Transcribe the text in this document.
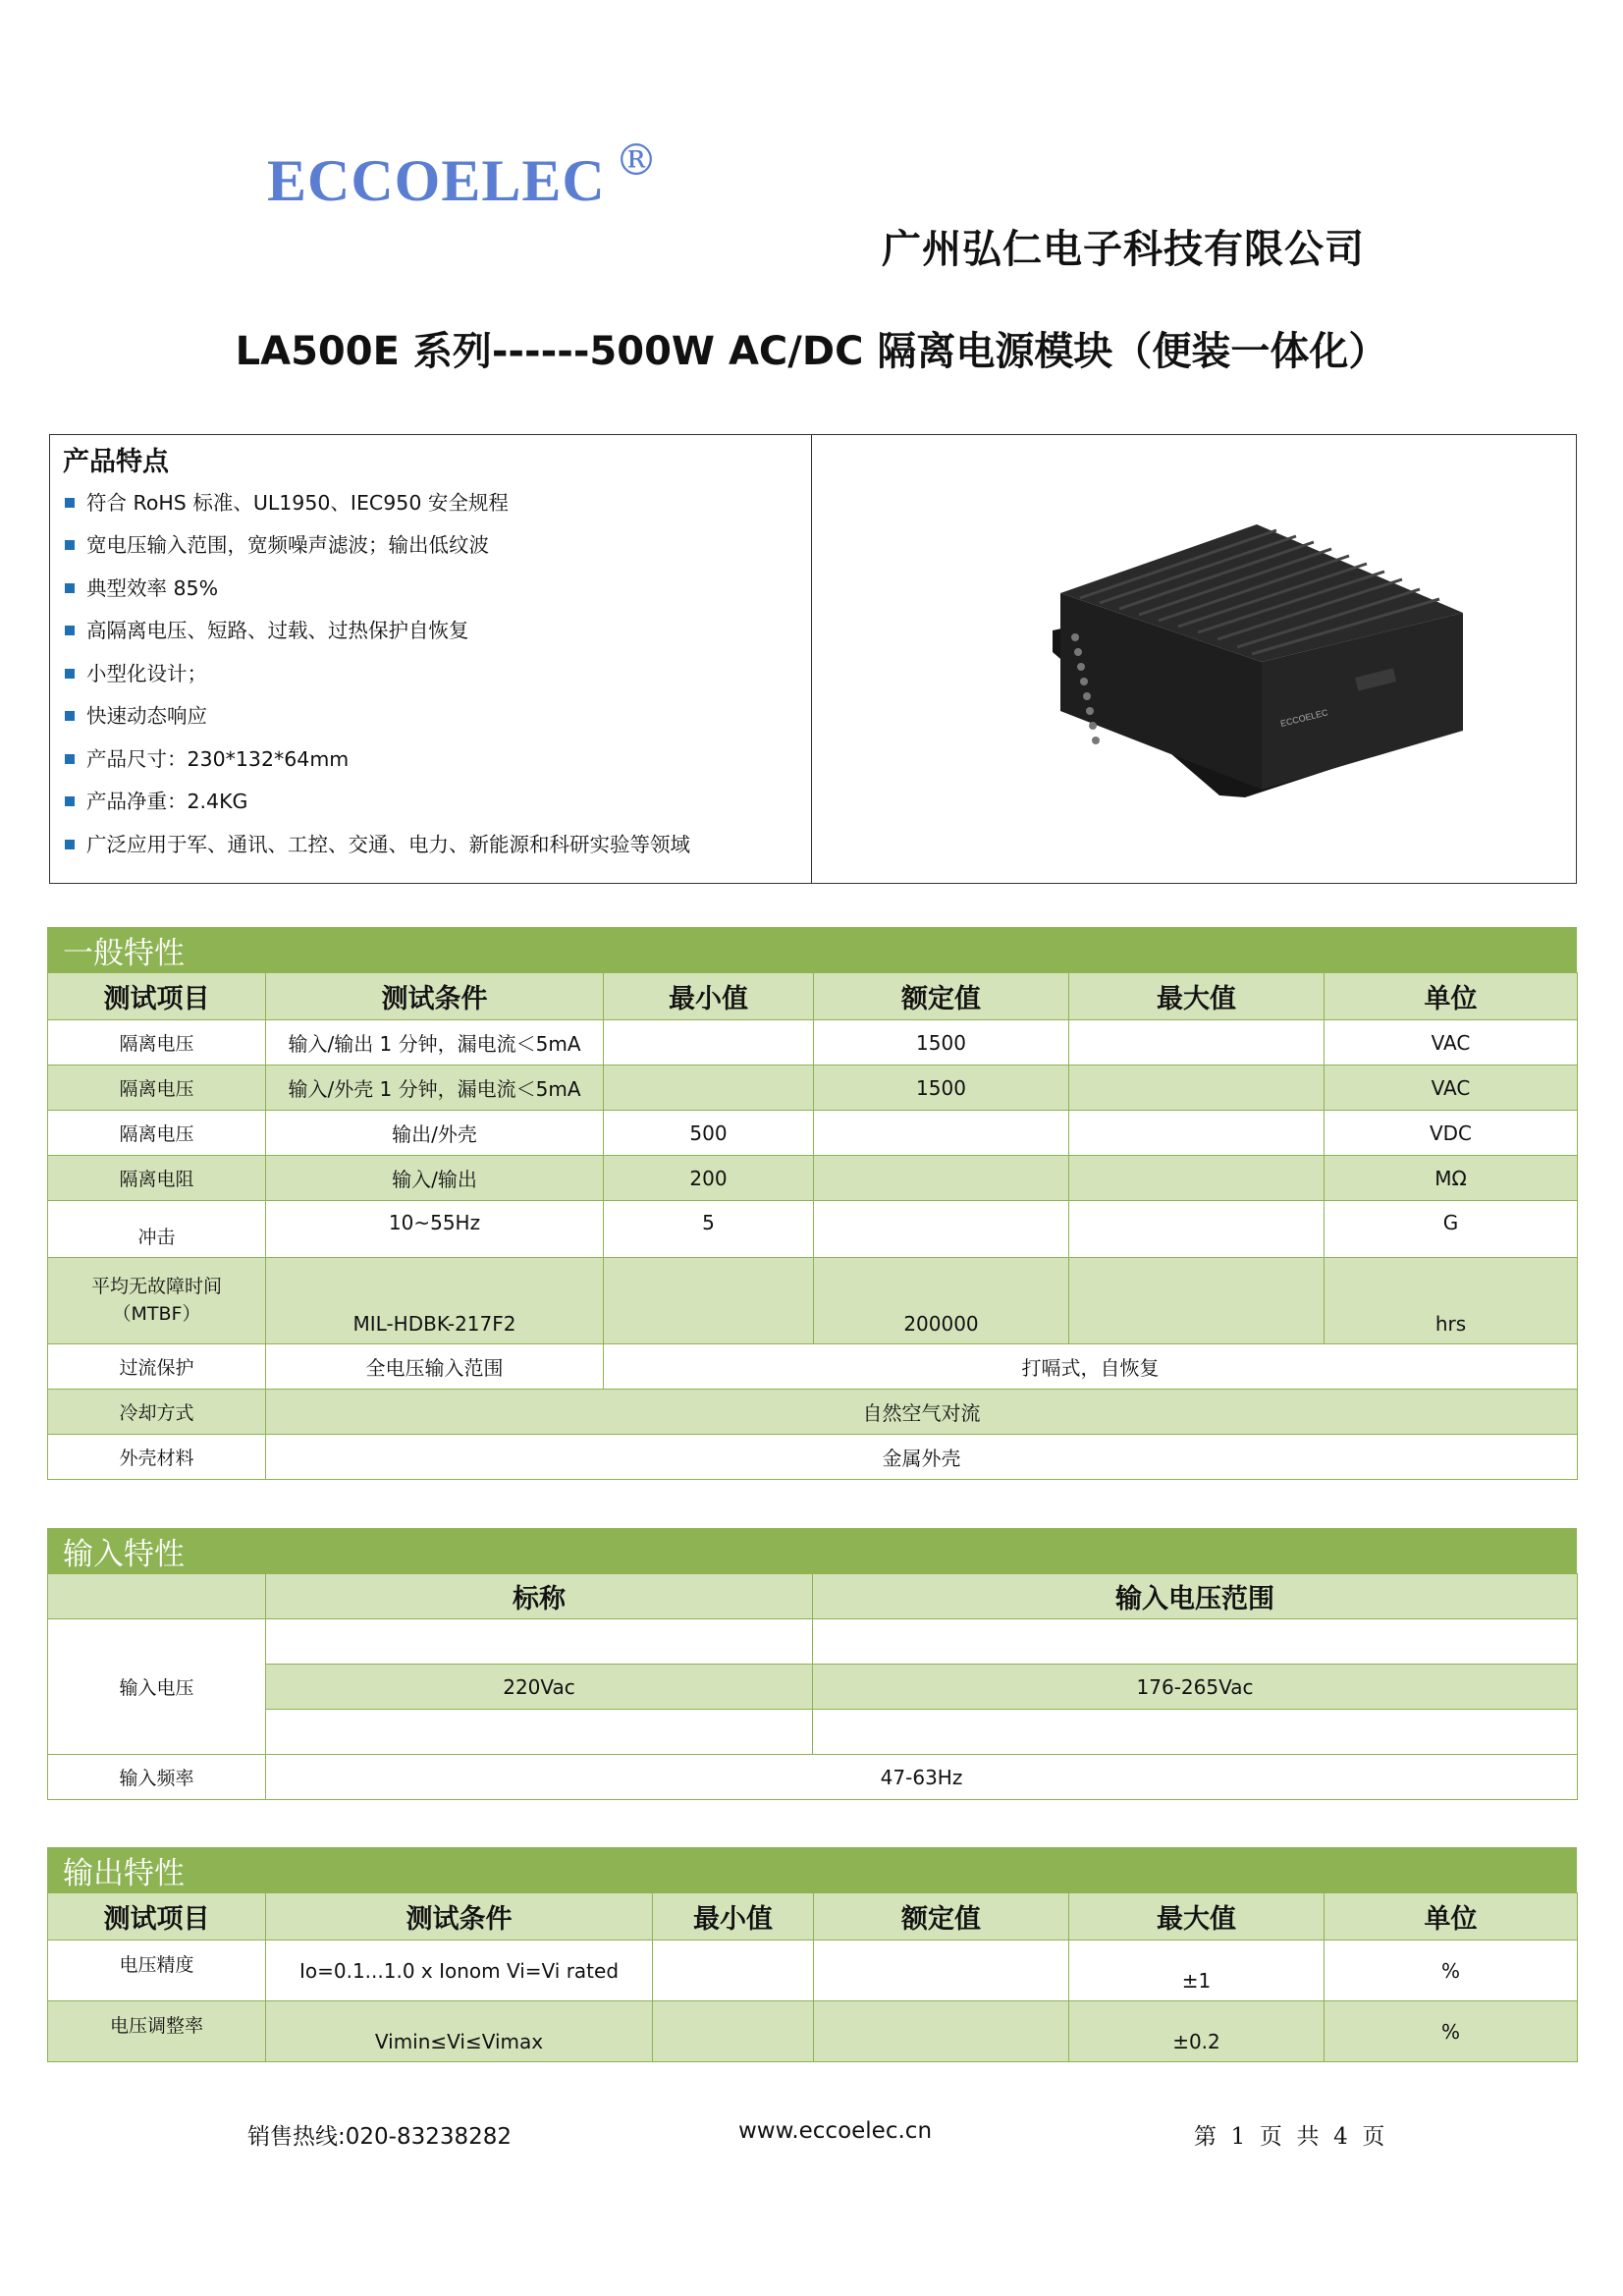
ECCOELEC ®
广州弘仁电子科技有限公司
LA500E 系列------500W AC/DC 隔离电源模块（便装一体化）
产品特点
符合 RoHS 标准、UL1950、IEC950 安全规程
宽电压输入范围，宽频噪声滤波；输出低纹波
典型效率 85%
高隔离电压、短路、过载、过热保护自恢复
小型化设计；
快速动态响应
产品尺寸：230*132*64mm
产品净重：2.4KG
广泛应用于军、通讯、工控、交通、电力、新能源和科研实验等领域
ECCOELEC
一般特性
测试项目	测试条件	最小值	额定值	最大值	单位
隔离电压	输入/输出 1 分钟，漏电流＜5mA		1500		VAC
隔离电压	输入/外壳 1 分钟，漏电流＜5mA		1500		VAC
隔离电压	输出/外壳	500			VDC
隔离电阻	输入/输出	200			MΩ
冲击	10~55Hz	5			G

平均无故障时间
（MTBF）	MIL-HDBK-217F2		200000		hrs
过流保护	全电压输入范围	打嗝式，自恢复			
冷却方式	自然空气对流				
外壳材料	金属外壳				
输入特性
	标称	输入电压范围
输入电压		
	220Vac	176-265Vac

输入频率	47-63Hz	
输出特性
测试项目	测试条件	最小值	额定值	最大值	单位
电压精度	Io=0.1...1.0 x Ionom Vi=Vi rated			±1	%
电压调整率	Vimin≤Vi≤Vimax			±0.2	%
销售热线:020-83238282	www.eccoelec.cn	第  1  页  共  4  页
